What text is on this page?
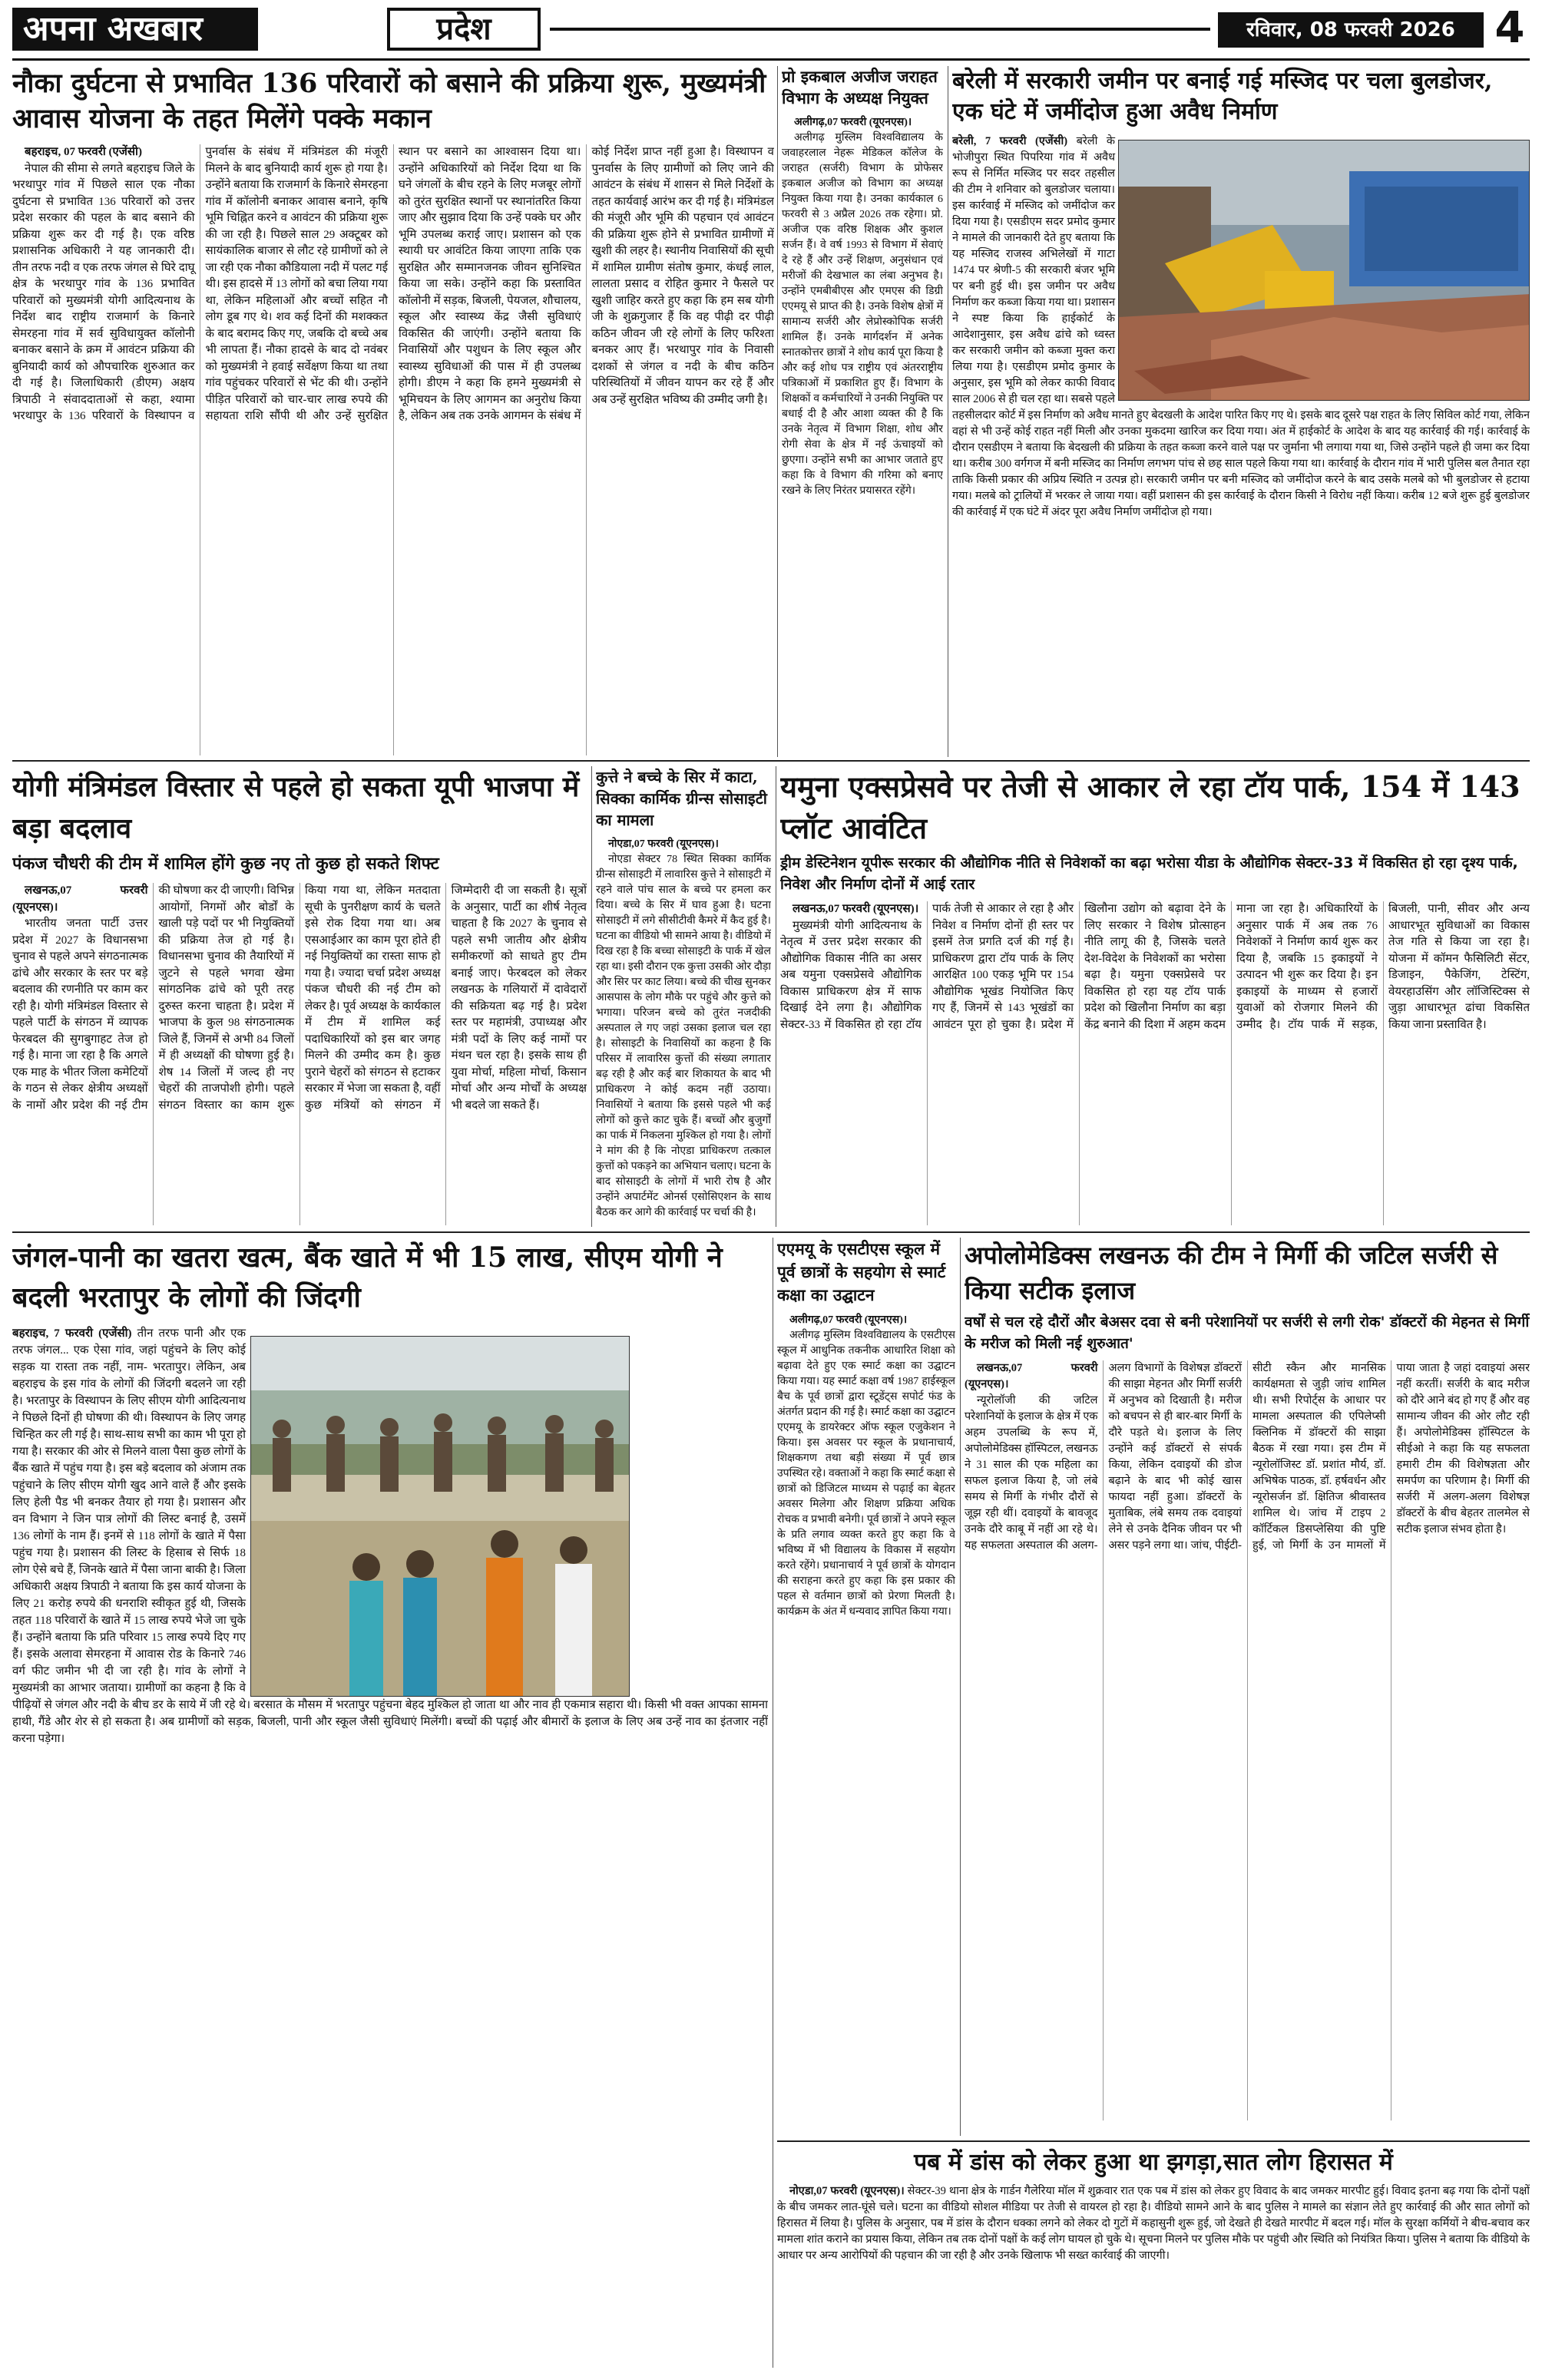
अपना अखबार	प्रदेश	रविवार, 08 फरवरी 2026 4
नौका दुर्घटना से प्रभावित 136 परिवारों को बसाने की प्रक्रिया शुरू, मुख्यमंत्री आवास योजना के तहत मिलेंगे पक्के मकान

बहराइच, 07 फरवरी (एजेंसी)

नेपाल की सीमा से लगते बहराइच जिले के भरथापुर गांव में पिछले साल एक नौका दुर्घटना से प्रभावित 136 परिवारों को उत्तर प्रदेश सरकार की पहल के बाद बसाने की प्रक्रिया शुरू कर दी गई है। एक वरिष्ठ प्रशासनिक अधिकारी ने यह जानकारी दी। तीन तरफ नदी व एक तरफ जंगल से घिरे दाघू क्षेत्र के भरथापुर गांव के 136 प्रभावित परिवारों को मुख्यमंत्री योगी आदित्यनाथ के निर्देश बाद राष्ट्रीय राजमार्ग के किनारे सेमरहना गांव में सर्व सुविधायुक्त कॉलोनी बनाकर बसाने के क्रम में आवंटन प्रक्रिया की बुनियादी कार्य को औपचारिक शुरुआत कर दी गई है। जिलाधिकारी (डीएम) अक्षय त्रिपाठी ने संवाददाताओं से कहा, श्यामा भरथापुर के 136 परिवारों के विस्थापन व पुनर्वास के संबंध में मंत्रिमंडल की मंजूरी मिलने के बाद बुनियादी कार्य शुरू हो गया है। उन्होंने बताया कि राजमार्ग के किनारे सेमरहना गांव में कॉलोनी बनाकर आवास बनाने, कृषि भूमि चिह्नित करने व आवंटन की प्रक्रिया शुरू की जा रही है। पिछले साल 29 अक्टूबर को सायंकालिक बाजार से लौट रहे ग्रामीणों को ले जा रही एक नौका कौडियाला नदी में पलट गई थी। इस हादसे में 13 लोगों को बचा लिया गया था, लेकिन महिलाओं और बच्चों सहित नौ लोग डूब गए थे। शव कई दिनों की मशक्कत के बाद बरामद किए गए, जबकि दो बच्चे अब भी लापता हैं। नौका हादसे के बाद दो नवंबर को मुख्यमंत्री ने हवाई सर्वेक्षण किया था तथा गांव पहुंचकर परिवारों से भेंट की थी। उन्होंने पीड़ित परिवारों को चार-चार लाख रुपये की सहायता राशि सौंपी थी और उन्हें सुरक्षित स्थान पर बसाने का आश्वासन दिया था। उन्होंने अधिकारियों को निर्देश दिया था कि घने जंगलों के बीच रहने के लिए मजबूर लोगों को तुरंत सुरक्षित स्थानों पर स्थानांतरित किया जाए और सुझाव दिया कि उन्हें पक्के घर और भूमि उपलब्ध कराई जाए। प्रशासन को एक स्थायी घर आवंटित किया जाएगा ताकि एक सुरक्षित और सम्मानजनक जीवन सुनिश्चित किया जा सके। उन्होंने कहा कि प्रस्तावित कॉलोनी में सड़क, बिजली, पेयजल, शौचालय, स्कूल और स्वास्थ्य केंद्र जैसी सुविधाएं विकसित की जाएंगी। उन्होंने बताया कि निवासियों और पशुधन के लिए स्कूल और स्वास्थ्य सुविधाओं की पास में ही उपलब्ध होगी। डीएम ने कहा कि हमने मुख्यमंत्री से भूमिचयन के लिए आगमन का अनुरोध किया है, लेकिन अब तक उनके आगमन के संबंध में कोई निर्देश प्राप्त नहीं हुआ है। विस्थापन व पुनर्वास के लिए ग्रामीणों को लिए जाने की आवंटन के संबंध में शासन से मिले निर्देशों के तहत कार्यवाई आरंभ कर दी गई है। मंत्रिमंडल की मंजूरी और भूमि की पहचान एवं आवंटन की प्रक्रिया शुरू होने से प्रभावित ग्रामीणों में खुशी की लहर है। स्थानीय निवासियों की सूची में शामिल ग्रामीण संतोष कुमार, कंधई लाल, लालता प्रसाद व रोहित कुमार ने फैसले पर खुशी जाहिर करते हुए कहा कि हम सब योगी जी के शुक्रगुजार हैं कि वह पीढ़ी दर पीढ़ी कठिन जीवन जी रहे लोगों के लिए फरिश्ता बनकर आए हैं। भरथापुर गांव के निवासी दशकों से जंगल व नदी के बीच कठिन परिस्थितियों में जीवन यापन कर रहे हैं और अब उन्हें सुरक्षित भविष्य की उम्मीद जगी है।

प्रो इकबाल अजीज जराहत विभाग के अध्यक्ष नियुक्त

अलीगढ़,07 फरवरी (यूएनएस)।

अलीगढ़ मुस्लिम विश्वविद्यालय के जवाहरलाल नेहरू मेडिकल कॉलेज के जराहत (सर्जरी) विभाग के प्रोफेसर इकबाल अजीज को विभाग का अध्यक्ष नियुक्त किया गया है। उनका कार्यकाल 6 फरवरी से 3 अप्रैल 2026 तक रहेगा। प्रो. अजीज एक वरिष्ठ शिक्षक और कुशल सर्जन हैं। वे वर्ष 1993 से विभाग में सेवाएं दे रहे हैं और उन्हें शिक्षण, अनुसंधान एवं मरीजों की देखभाल का लंबा अनुभव है। उन्होंने एमबीबीएस और एमएस की डिग्री एएमयू से प्राप्त की है। उनके विशेष क्षेत्रों में सामान्य सर्जरी और लेप्रोस्कोपिक सर्जरी शामिल हैं। उनके मार्गदर्शन में अनेक स्नातकोत्तर छात्रों ने शोध कार्य पूरा किया है और कई शोध पत्र राष्ट्रीय एवं अंतरराष्ट्रीय पत्रिकाओं में प्रकाशित हुए हैं। विभाग के शिक्षकों व कर्मचारियों ने उनकी नियुक्ति पर बधाई दी है और आशा व्यक्त की है कि उनके नेतृत्व में विभाग शिक्षा, शोध और रोगी सेवा के क्षेत्र में नई ऊंचाइयों को छुएगा। उन्होंने सभी का आभार जताते हुए कहा कि वे विभाग की गरिमा को बनाए रखने के लिए निरंतर प्रयासरत रहेंगे।

बरेली में सरकारी जमीन पर बनाई गई मस्जिद पर चला बुलडोजर, एक घंटे में जमींदोज हुआ अवैध निर्माण

बरेली, 7 फरवरी (एजेंसी) बरेली के भोजीपुरा स्थित पिपरिया गांव में अवैध रूप से निर्मित मस्जिद पर सदर तहसील की टीम ने शनिवार को बुलडोजर चलाया। इस कार्रवाई में मस्जिद को जमींदोज कर दिया गया है। एसडीएम सदर प्रमोद कुमार ने मामले की जानकारी देते हुए बताया कि यह मस्जिद राजस्व अभिलेखों में गाटा 1474 पर श्रेणी-5 की सरकारी बंजर भूमि पर बनी हुई थी। इस जमीन पर अवैध निर्माण कर कब्जा किया गया था। प्रशासन ने स्पष्ट किया कि हाईकोर्ट के आदेशानुसार, इस अवैध ढांचे को ध्वस्त कर सरकारी जमीन को कब्जा मुक्त करा लिया गया है। एसडीएम प्रमोद कुमार के अनुसार, इस भूमि को लेकर काफी विवाद साल 2006 से ही चल रहा था। सबसे पहले तहसीलदार कोर्ट में इस निर्माण को अवैध मानते हुए बेदखली के आदेश पारित किए गए थे। इसके बाद दूसरे पक्ष राहत के लिए सिविल कोर्ट गया, लेकिन वहां से भी उन्हें कोई राहत नहीं मिली और उनका मुकदमा खारिज कर दिया गया। अंत में हाईकोर्ट के आदेश के बाद यह कार्रवाई की गई। कार्रवाई के दौरान एसडीएम ने बताया कि बेदखली की प्रक्रिया के तहत कब्जा करने वाले पक्ष पर जुर्माना भी लगाया गया था, जिसे उन्होंने पहले ही जमा कर दिया था। करीब 300 वर्गगज में बनी मस्जिद का निर्माण लगभग पांच से छह साल पहले किया गया था। कार्रवाई के दौरान गांव में भारी पुलिस बल तैनात रहा ताकि किसी प्रकार की अप्रिय स्थिति न उत्पन्न हो। सरकारी जमीन पर बनी मस्जिद को जमींदोज करने के बाद उसके मलबे को भी बुलडोजर से हटाया गया। मलबे को ट्रालियों में भरकर ले जाया गया। वहीं प्रशासन की इस कार्रवाई के दौरान किसी ने विरोध नहीं किया। करीब 12 बजे शुरू हुई बुलडोजर की कार्रवाई में एक घंटे में अंदर पूरा अवैध निर्माण जमींदोज हो गया।

योगी मंत्रिमंडल विस्तार से पहले हो सकता यूपी भाजपा में बड़ा बदलाव
पंकज चौधरी की टीम में शामिल होंगे कुछ नए तो कुछ हो सकते शिफ्ट

लखनऊ,07 फरवरी (यूएनएस)।

भारतीय जनता पार्टी उत्तर प्रदेश में 2027 के विधानसभा चुनाव से पहले अपने संगठनात्मक ढांचे और सरकार के स्तर पर बड़े बदलाव की रणनीति पर काम कर रही है। योगी मंत्रिमंडल विस्तार से पहले पार्टी के संगठन में व्यापक फेरबदल की सुगबुगाहट तेज हो गई है। माना जा रहा है कि अगले एक माह के भीतर जिला कमेटियों के गठन से लेकर क्षेत्रीय अध्यक्षों के नामों और प्रदेश की नई टीम की घोषणा कर दी जाएगी। विभिन्न आयोगों, निगमों और बोर्डों के खाली पड़े पदों पर भी नियुक्तियों की प्रक्रिया तेज हो गई है। विधानसभा चुनाव की तैयारियों में जुटने से पहले भगवा खेमा सांगठनिक ढांचे को पूरी तरह दुरुस्त करना चाहता है। प्रदेश में भाजपा के कुल 98 संगठनात्मक जिले हैं, जिनमें से अभी 84 जिलों में ही अध्यक्षों की घोषणा हुई है। शेष 14 जिलों में जल्द ही नए चेहरों की ताजपोशी होगी। पहले संगठन विस्तार का काम शुरू किया गया था, लेकिन मतदाता सूची के पुनरीक्षण कार्य के चलते इसे रोक दिया गया था। अब एसआईआर का काम पूरा होते ही नई नियुक्तियों का रास्ता साफ हो गया है। ज्यादा चर्चा प्रदेश अध्यक्ष पंकज चौधरी की नई टीम को लेकर है। पूर्व अध्यक्ष के कार्यकाल में टीम में शामिल कई पदाधिकारियों को इस बार जगह मिलने की उम्मीद कम है। कुछ पुराने चेहरों को संगठन से हटाकर सरकार में भेजा जा सकता है, वहीं कुछ मंत्रियों को संगठन में जिम्मेदारी दी जा सकती है। सूत्रों के अनुसार, पार्टी का शीर्ष नेतृत्व चाहता है कि 2027 के चुनाव से पहले सभी जातीय और क्षेत्रीय समीकरणों को साधते हुए टीम बनाई जाए। फेरबदल को लेकर लखनऊ के गलियारों में दावेदारों की सक्रियता बढ़ गई है। प्रदेश स्तर पर महामंत्री, उपाध्यक्ष और मंत्री पदों के लिए कई नामों पर मंथन चल रहा है। इसके साथ ही युवा मोर्चा, महिला मोर्चा, किसान मोर्चा और अन्य मोर्चों के अध्यक्ष भी बदले जा सकते हैं।

कुत्ते ने बच्चे के सिर में काटा, सिक्का कार्मिक ग्रीन्स सोसाइटी का मामला

नोएडा,07 फरवरी (यूएनएस)।

नोएडा सेक्टर 78 स्थित सिक्का कार्मिक ग्रीन्स सोसाइटी में लावारिस कुत्ते ने सोसाइटी में रहने वाले पांच साल के बच्चे पर हमला कर दिया। बच्चे के सिर में घाव हुआ है। घटना सोसाइटी में लगे सीसीटीवी कैमरे में कैद हुई है। घटना का वीडियो भी सामने आया है। वीडियो में दिख रहा है कि बच्चा सोसाइटी के पार्क में खेल रहा था। इसी दौरान एक कुत्ता उसकी ओर दौड़ा और सिर पर काट लिया। बच्चे की चीख सुनकर आसपास के लोग मौके पर पहुंचे और कुत्ते को भगाया। परिजन बच्चे को तुरंत नजदीकी अस्पताल ले गए जहां उसका इलाज चल रहा है। सोसाइटी के निवासियों का कहना है कि परिसर में लावारिस कुत्तों की संख्या लगातार बढ़ रही है और कई बार शिकायत के बाद भी प्राधिकरण ने कोई कदम नहीं उठाया। निवासियों ने बताया कि इससे पहले भी कई लोगों को कुत्ते काट चुके हैं। बच्चों और बुजुर्गों का पार्क में निकलना मुश्किल हो गया है। लोगों ने मांग की है कि नोएडा प्राधिकरण तत्काल कुत्तों को पकड़ने का अभियान चलाए। घटना के बाद सोसाइटी के लोगों में भारी रोष है और उन्होंने अपार्टमेंट ओनर्स एसोसिएशन के साथ बैठक कर आगे की कार्रवाई पर चर्चा की है।

यमुना एक्सप्रेसवे पर तेजी से आकार ले रहा टॉय पार्क, 154 में 143 प्लॉट आवंटित
ड्रीम डेस्टिनेशन यूपीरू सरकार की औद्योगिक नीति से निवेशकों का बढ़ा भरोसा यीडा के औद्योगिक सेक्टर-33 में विकसित हो रहा दृश्य पार्क, निवेश और निर्माण दोनों में आई रतार

लखनऊ,07 फरवरी (यूएनएस)।

मुख्यमंत्री योगी आदित्यनाथ के नेतृत्व में उत्तर प्रदेश सरकार की औद्योगिक विकास नीति का असर अब यमुना एक्सप्रेसवे औद्योगिक विकास प्राधिकरण क्षेत्र में साफ दिखाई देने लगा है। औद्योगिक सेक्टर-33 में विकसित हो रहा टॉय पार्क तेजी से आकार ले रहा है और निवेश व निर्माण दोनों ही स्तर पर इसमें तेज प्रगति दर्ज की गई है। प्राधिकरण द्वारा टॉय पार्क के लिए आरक्षित 100 एकड़ भूमि पर 154 औद्योगिक भूखंड नियोजित किए गए हैं, जिनमें से 143 भूखंडों का आवंटन पूरा हो चुका है। प्रदेश में खिलौना उद्योग को बढ़ावा देने के लिए सरकार ने विशेष प्रोत्साहन नीति लागू की है, जिसके चलते देश-विदेश के निवेशकों का भरोसा बढ़ा है। यमुना एक्सप्रेसवे पर विकसित हो रहा यह टॉय पार्क प्रदेश को खिलौना निर्माण का बड़ा केंद्र बनाने की दिशा में अहम कदम माना जा रहा है। अधिकारियों के अनुसार पार्क में अब तक 76 निवेशकों ने निर्माण कार्य शुरू कर दिया है, जबकि 15 इकाइयों ने उत्पादन भी शुरू कर दिया है। इन इकाइयों के माध्यम से हजारों युवाओं को रोजगार मिलने की उम्मीद है। टॉय पार्क में सड़क, बिजली, पानी, सीवर और अन्य आधारभूत सुविधाओं का विकास तेज गति से किया जा रहा है। योजना में कॉमन फैसिलिटी सेंटर, डिजाइन, पैकेजिंग, टेस्टिंग, वेयरहाउसिंग और लॉजिस्टिक्स से जुड़ा आधारभूत ढांचा विकसित किया जाना प्रस्तावित है।

जंगल-पानी का खतरा खत्म, बैंक खाते में भी 15 लाख, सीएम योगी ने बदली भरतापुर के लोगों की जिंदगी

बहराइच, 7 फरवरी (एजेंसी) तीन तरफ पानी और एक तरफ जंगल... एक ऐसा गांव, जहां पहुंचने के लिए कोई सड़क या रास्ता तक नहीं, नाम- भरतापुर। लेकिन, अब बहराइच के इस गांव के लोगों की जिंदगी बदलने जा रही है। भरतापुर के विस्थापन के लिए सीएम योगी आदित्यनाथ ने पिछले दिनों ही घोषणा की थी। विस्थापन के लिए जगह चिन्हित कर ली गई है। साथ-साथ सभी का काम भी पूरा हो गया है। सरकार की ओर से मिलने वाला पैसा कुछ लोगों के बैंक खाते में पहुंच गया है। इस बड़े बदलाव को अंजाम तक पहुंचाने के लिए सीएम योगी खुद आने वाले हैं और इसके लिए हेली पैड भी बनकर तैयार हो गया है। प्रशासन और वन विभाग ने जिन पात्र लोगों की लिस्ट बनाई है, उसमें 136 लोगों के नाम हैं। इनमें से 118 लोगों के खाते में पैसा पहुंच गया है। प्रशासन की लिस्ट के हिसाब से सिर्फ 18 लोग ऐसे बचे हैं, जिनके खाते में पैसा जाना बाकी है। जिला अधिकारी अक्षय त्रिपाठी ने बताया कि इस कार्य योजना के लिए 21 करोड़ रुपये की धनराशि स्वीकृत हुई थी, जिसके तहत 118 परिवारों के खाते में 15 लाख रुपये भेजे जा चुके हैं। उन्होंने बताया कि प्रति परिवार 15 लाख रुपये दिए गए हैं। इसके अलावा सेमरहना में आवास रोड के किनारे 746 वर्ग फीट जमीन भी दी जा रही है। गांव के लोगों ने मुख्यमंत्री का आभार जताया। ग्रामीणों का कहना है कि वे पीढ़ियों से जंगल और नदी के बीच डर के साये में जी रहे थे। बरसात के मौसम में भरतापुर पहुंचना बेहद मुश्किल हो जाता था और नाव ही एकमात्र सहारा थी। किसी भी वक्त आपका सामना हाथी, गैंडे और शेर से हो सकता है। अब ग्रामीणों को सड़क, बिजली, पानी और स्कूल जैसी सुविधाएं मिलेंगी। बच्चों की पढ़ाई और बीमारों के इलाज के लिए अब उन्हें नाव का इंतजार नहीं करना पड़ेगा।

एएमयू के एसटीएस स्कूल में पूर्व छात्रों के सहयोग से स्मार्ट कक्षा का उद्घाटन

अलीगढ़,07 फरवरी (यूएनएस)।

अलीगढ़ मुस्लिम विश्वविद्यालय के एसटीएस स्कूल में आधुनिक तकनीक आधारित शिक्षा को बढ़ावा देते हुए एक स्मार्ट कक्षा का उद्घाटन किया गया। यह स्मार्ट कक्षा वर्ष 1987 हाईस्कूल बैच के पूर्व छात्रों द्वारा स्टूडेंट्स सपोर्ट फंड के अंतर्गत प्रदान की गई है। स्मार्ट कक्षा का उद्घाटन एएमयू के डायरेक्टर ऑफ स्कूल एजुकेशन ने किया। इस अवसर पर स्कूल के प्रधानाचार्य, शिक्षकगण तथा बड़ी संख्या में पूर्व छात्र उपस्थित रहे। वक्ताओं ने कहा कि स्मार्ट कक्षा से छात्रों को डिजिटल माध्यम से पढ़ाई का बेहतर अवसर मिलेगा और शिक्षण प्रक्रिया अधिक रोचक व प्रभावी बनेगी। पूर्व छात्रों ने अपने स्कूल के प्रति लगाव व्यक्त करते हुए कहा कि वे भविष्य में भी विद्यालय के विकास में सहयोग करते रहेंगे। प्रधानाचार्य ने पूर्व छात्रों के योगदान की सराहना करते हुए कहा कि इस प्रकार की पहल से वर्तमान छात्रों को प्रेरणा मिलती है। कार्यक्रम के अंत में धन्यवाद ज्ञापित किया गया।

अपोलोमेडिक्स लखनऊ की टीम ने मिर्गी की जटिल सर्जरी से किया सटीक इलाज
वर्षों से चल रहे दौरों और बेअसर दवा से बनी परेशानियों पर सर्जरी से लगी रोक' डॉक्टरों की मेहनत से मिर्गी के मरीज को मिली नई शुरुआत'

लखनऊ,07 फरवरी (यूएनएस)।

न्यूरोलॉजी की जटिल परेशानियों के इलाज के क्षेत्र में एक अहम उपलब्धि के रूप में, अपोलोमेडिक्स हॉस्पिटल, लखनऊ ने 31 साल की एक महिला का सफल इलाज किया है, जो लंबे समय से मिर्गी के गंभीर दौरों से जूझ रही थीं। दवाइयों के बावजूद उनके दौरे काबू में नहीं आ रहे थे। यह सफलता अस्पताल की अलग-अलग विभागों के विशेषज्ञ डॉक्टरों की साझा मेहनत और मिर्गी सर्जरी में अनुभव को दिखाती है। मरीज को बचपन से ही बार-बार मिर्गी के दौरे पड़ते थे। इलाज के लिए उन्होंने कई डॉक्टरों से संपर्क किया, लेकिन दवाइयों की डोज बढ़ाने के बाद भी कोई खास फायदा नहीं हुआ। डॉक्टरों के मुताबिक, लंबे समय तक दवाइयां लेने से उनके दैनिक जीवन पर भी असर पड़ने लगा था। जांच, पीईटी-सीटी स्कैन और मानसिक कार्यक्षमता से जुड़ी जांच शामिल थी। सभी रिपोर्ट्स के आधार पर मामला अस्पताल की एपिलेप्सी क्लिनिक में डॉक्टरों की साझा बैठक में रखा गया। इस टीम में न्यूरोलॉजिस्ट डॉ. प्रशांत मौर्य, डॉ. अभिषेक पाठक, डॉ. हर्षवर्धन और न्यूरोसर्जन डॉ. क्षितिज श्रीवास्तव शामिल थे। जांच में टाइप 2 कॉर्टिकल डिसप्लेसिया की पुष्टि हुई, जो मिर्गी के उन मामलों में पाया जाता है जहां दवाइयां असर नहीं करतीं। सर्जरी के बाद मरीज को दौरे आने बंद हो गए हैं और वह सामान्य जीवन की ओर लौट रही हैं। अपोलोमेडिक्स हॉस्पिटल के सीईओ ने कहा कि यह सफलता हमारी टीम की विशेषज्ञता और समर्पण का परिणाम है। मिर्गी की सर्जरी में अलग-अलग विशेषज्ञ डॉक्टरों के बीच बेहतर तालमेल से सटीक इलाज संभव होता है।

पब में डांस को लेकर हुआ था झगड़ा,सात लोग हिरासत में

नोएडा,07 फरवरी (यूएनएस)। सेक्टर-39 थाना क्षेत्र के गार्डन गैलेरिया मॉल में शुक्रवार रात एक पब में डांस को लेकर हुए विवाद के बाद जमकर मारपीट हुई। विवाद इतना बढ़ गया कि दोनों पक्षों के बीच जमकर लात-घूंसे चले। घटना का वीडियो सोशल मीडिया पर तेजी से वायरल हो रहा है। वीडियो सामने आने के बाद पुलिस ने मामले का संज्ञान लेते हुए कार्रवाई की और सात लोगों को हिरासत में लिया है। पुलिस के अनुसार, पब में डांस के दौरान धक्का लगने को लेकर दो गुटों में कहासुनी शुरू हुई, जो देखते ही देखते मारपीट में बदल गई। मॉल के सुरक्षा कर्मियों ने बीच-बचाव कर मामला शांत कराने का प्रयास किया, लेकिन तब तक दोनों पक्षों के कई लोग घायल हो चुके थे। सूचना मिलने पर पुलिस मौके पर पहुंची और स्थिति को नियंत्रित किया। पुलिस ने बताया कि वीडियो के आधार पर अन्य आरोपियों की पहचान की जा रही है और उनके खिलाफ भी सख्त कार्रवाई की जाएगी।
